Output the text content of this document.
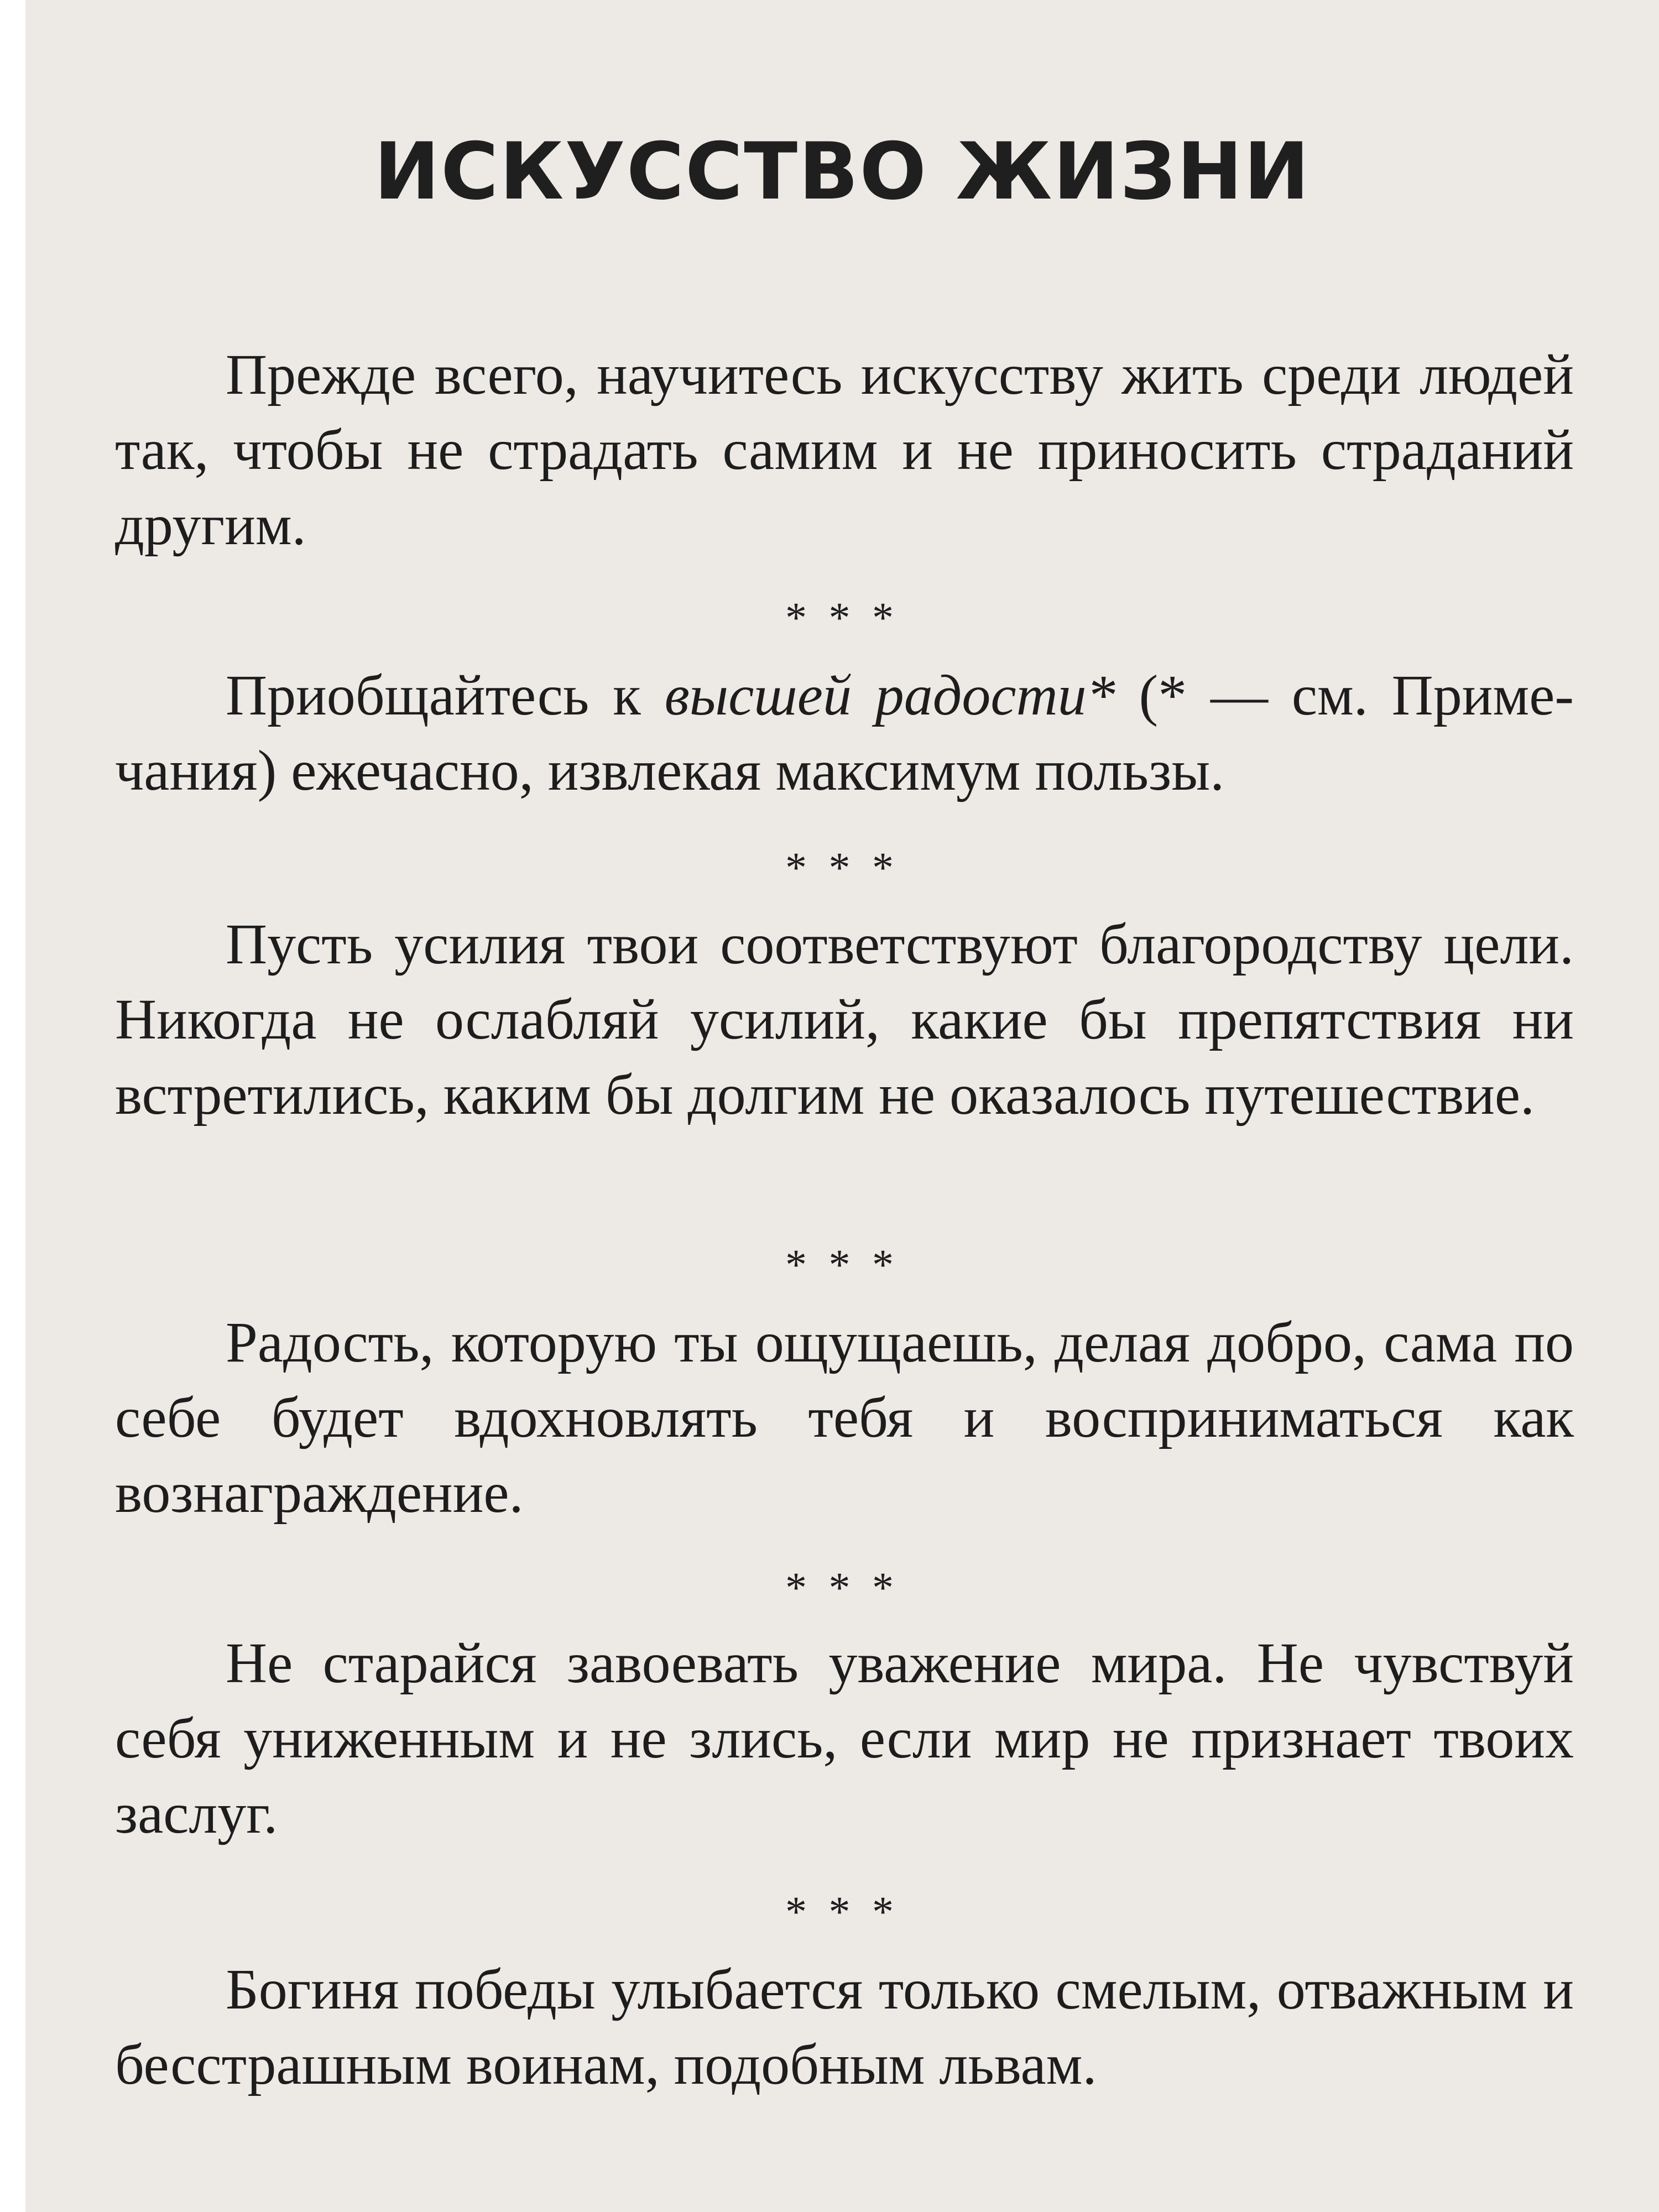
ИСКУССТВО ЖИЗНИ

Прежде всего, научитесь искусству жить среди людей так, чтобы не страдать самим и не приносить страданий другим.

* * *

Приобщайтесь к высшей радости* (* — см. Примечания) ежечасно, извлекая максимум пользы.

* * *

Пусть усилия твои соответствуют благородству цели. Никогда не ослабляй усилий, какие бы препятствия ни встретились, каким бы долгим не оказалось путешествие.

* * *

Радость, которую ты ощущаешь, делая добро, сама по себе будет вдохновлять тебя и восприниматься как вознаграждение.

* * *

Не старайся завоевать уважение мира. Не чувствуй себя униженным и не злись, если мир не признает твоих заслуг.

* * *

Богиня победы улыбается только смелым, отважным и бесстрашным воинам, подобным львам.
